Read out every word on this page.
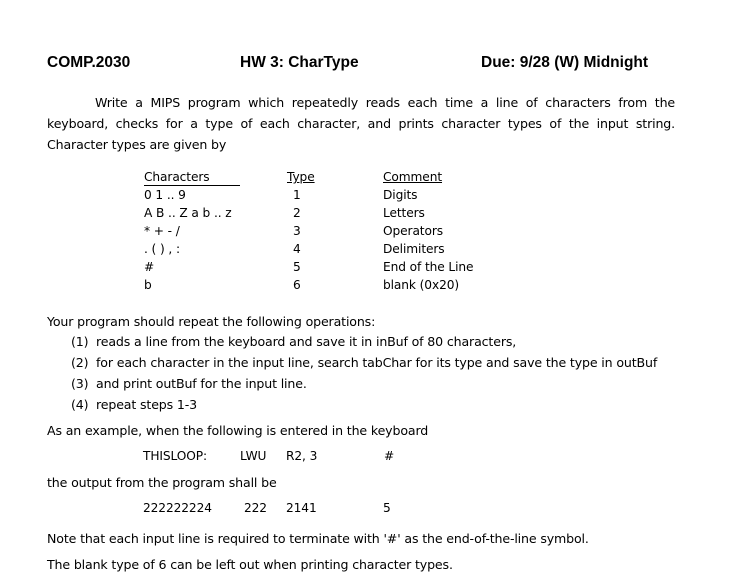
COMP.2030	HW 3: CharType	Due: 9/28 (W) Midnight
Write a MIPS program which repeatedly reads each time a line of characters from the keyboard, checks for a type of each character, and prints character types of the input string. Character types are given by
Characters	Type	Comment
0 1 .. 9	1	Digits
A B .. Z a b .. z	2	Letters
* + - /	3	Operators
. ( ) , :	4	Delimiters
#	5	End of the Line
b	6	blank (0x20)
Your program should repeat the following operations:
(1) reads a line from the keyboard and save it in inBuf of 80 characters,
(2) for each character in the input line, search tabChar for its type and save the type in outBuf
(3) and print outBuf for the input line.
(4) repeat steps 1-3
As an example, when the following is entered in the keyboard
THISLOOP:	LWU R2, 3	#
the output from the program shall be
222222224	222 2141	5
Note that each input line is required to terminate with '#' as the end-of-the-line symbol.
The blank type of 6 can be left out when printing character types.
